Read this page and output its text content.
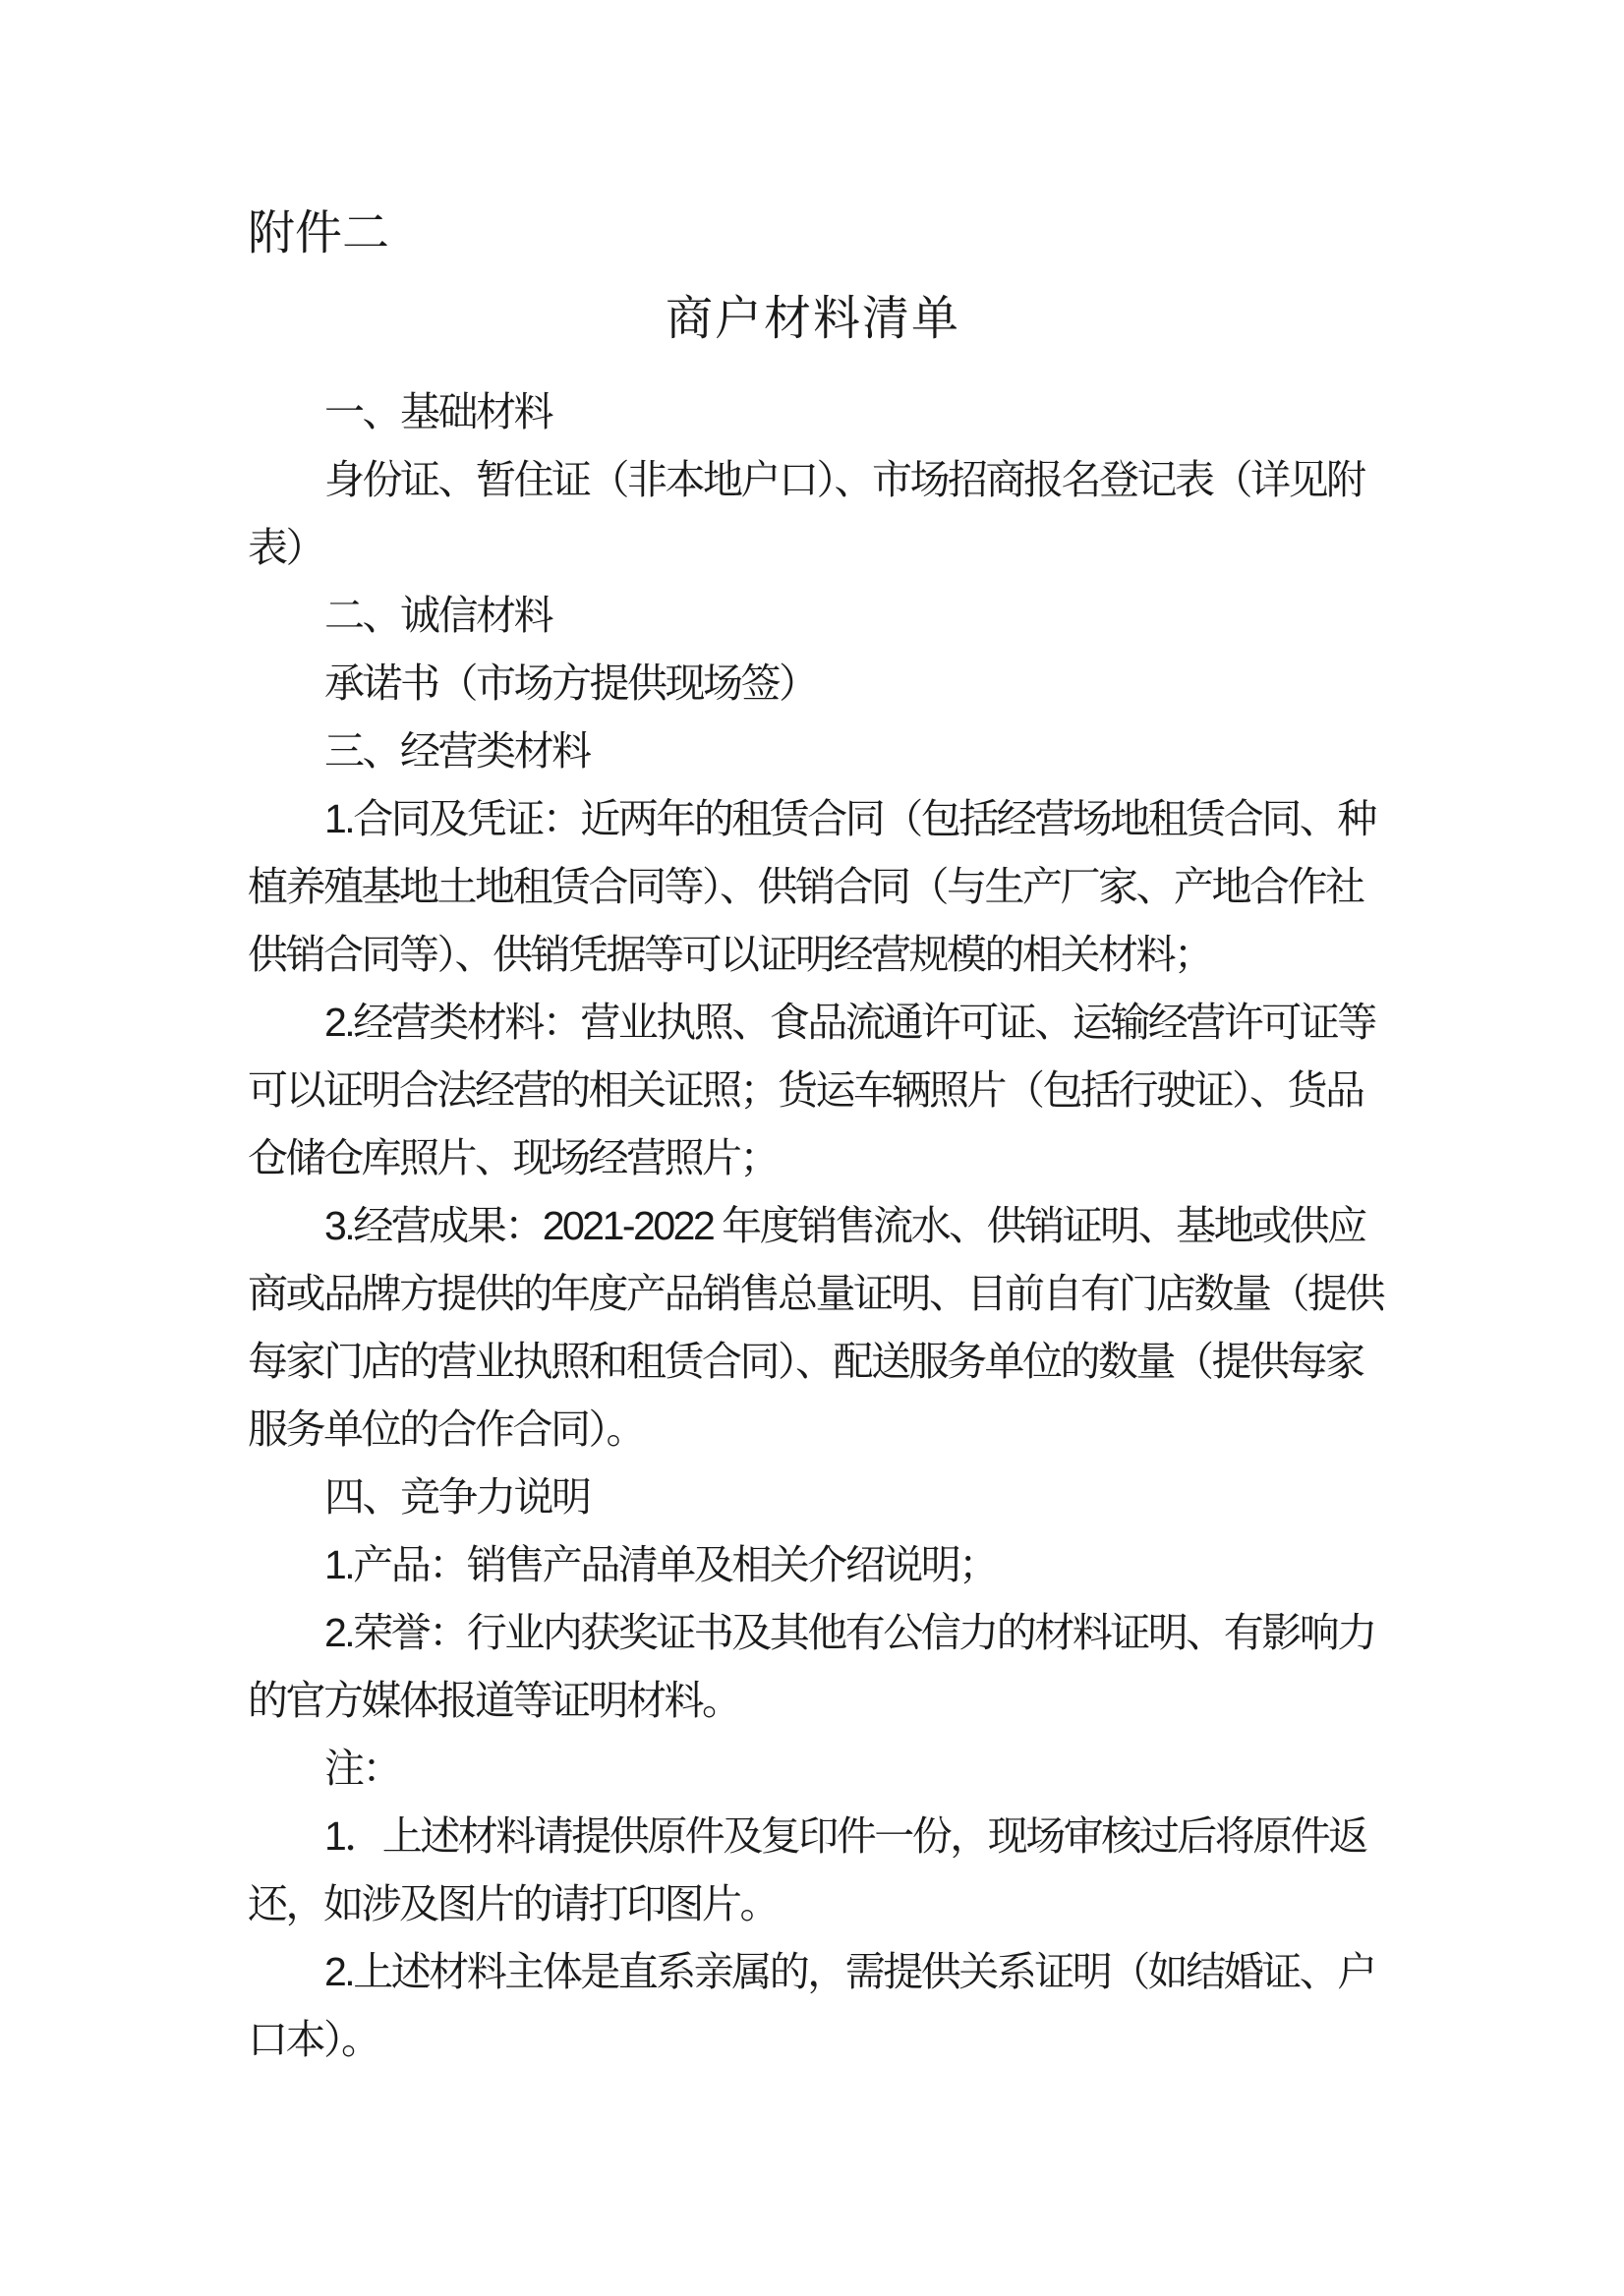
附件二
商户材料清单
一、基础材料
身份证、暂住证（非本地户口）、市场招商报名登记表（详见附
表）
二、诚信材料
承诺书（市场方提供现场签）
三、经营类材料
1.合同及凭证：近两年的租赁合同（包括经营场地租赁合同、种
植养殖基地土地租赁合同等）、供销合同（与生产厂家、产地合作社
供销合同等）、供销凭据等可以证明经营规模的相关材料；
2.经营类材料：营业执照、食品流通许可证、运输经营许可证等
可以证明合法经营的相关证照；货运车辆照片（包括行驶证）、货品
仓储仓库照片、现场经营照片；
3.经营成果：2021-2022 年度销售流水、供销证明、基地或供应
商或品牌方提供的年度产品销售总量证明、目前自有门店数量（提供
每家门店的营业执照和租赁合同）、配送服务单位的数量（提供每家
服务单位的合作合同）。
四、竞争力说明
1.产品：销售产品清单及相关介绍说明；
2.荣誉：行业内获奖证书及其他有公信力的材料证明、有影响力
的官方媒体报道等证明材料。
注：
1．上述材料请提供原件及复印件一份，现场审核过后将原件返
还，如涉及图片的请打印图片。
2.上述材料主体是直系亲属的，需提供关系证明（如结婚证、户
口本）。
